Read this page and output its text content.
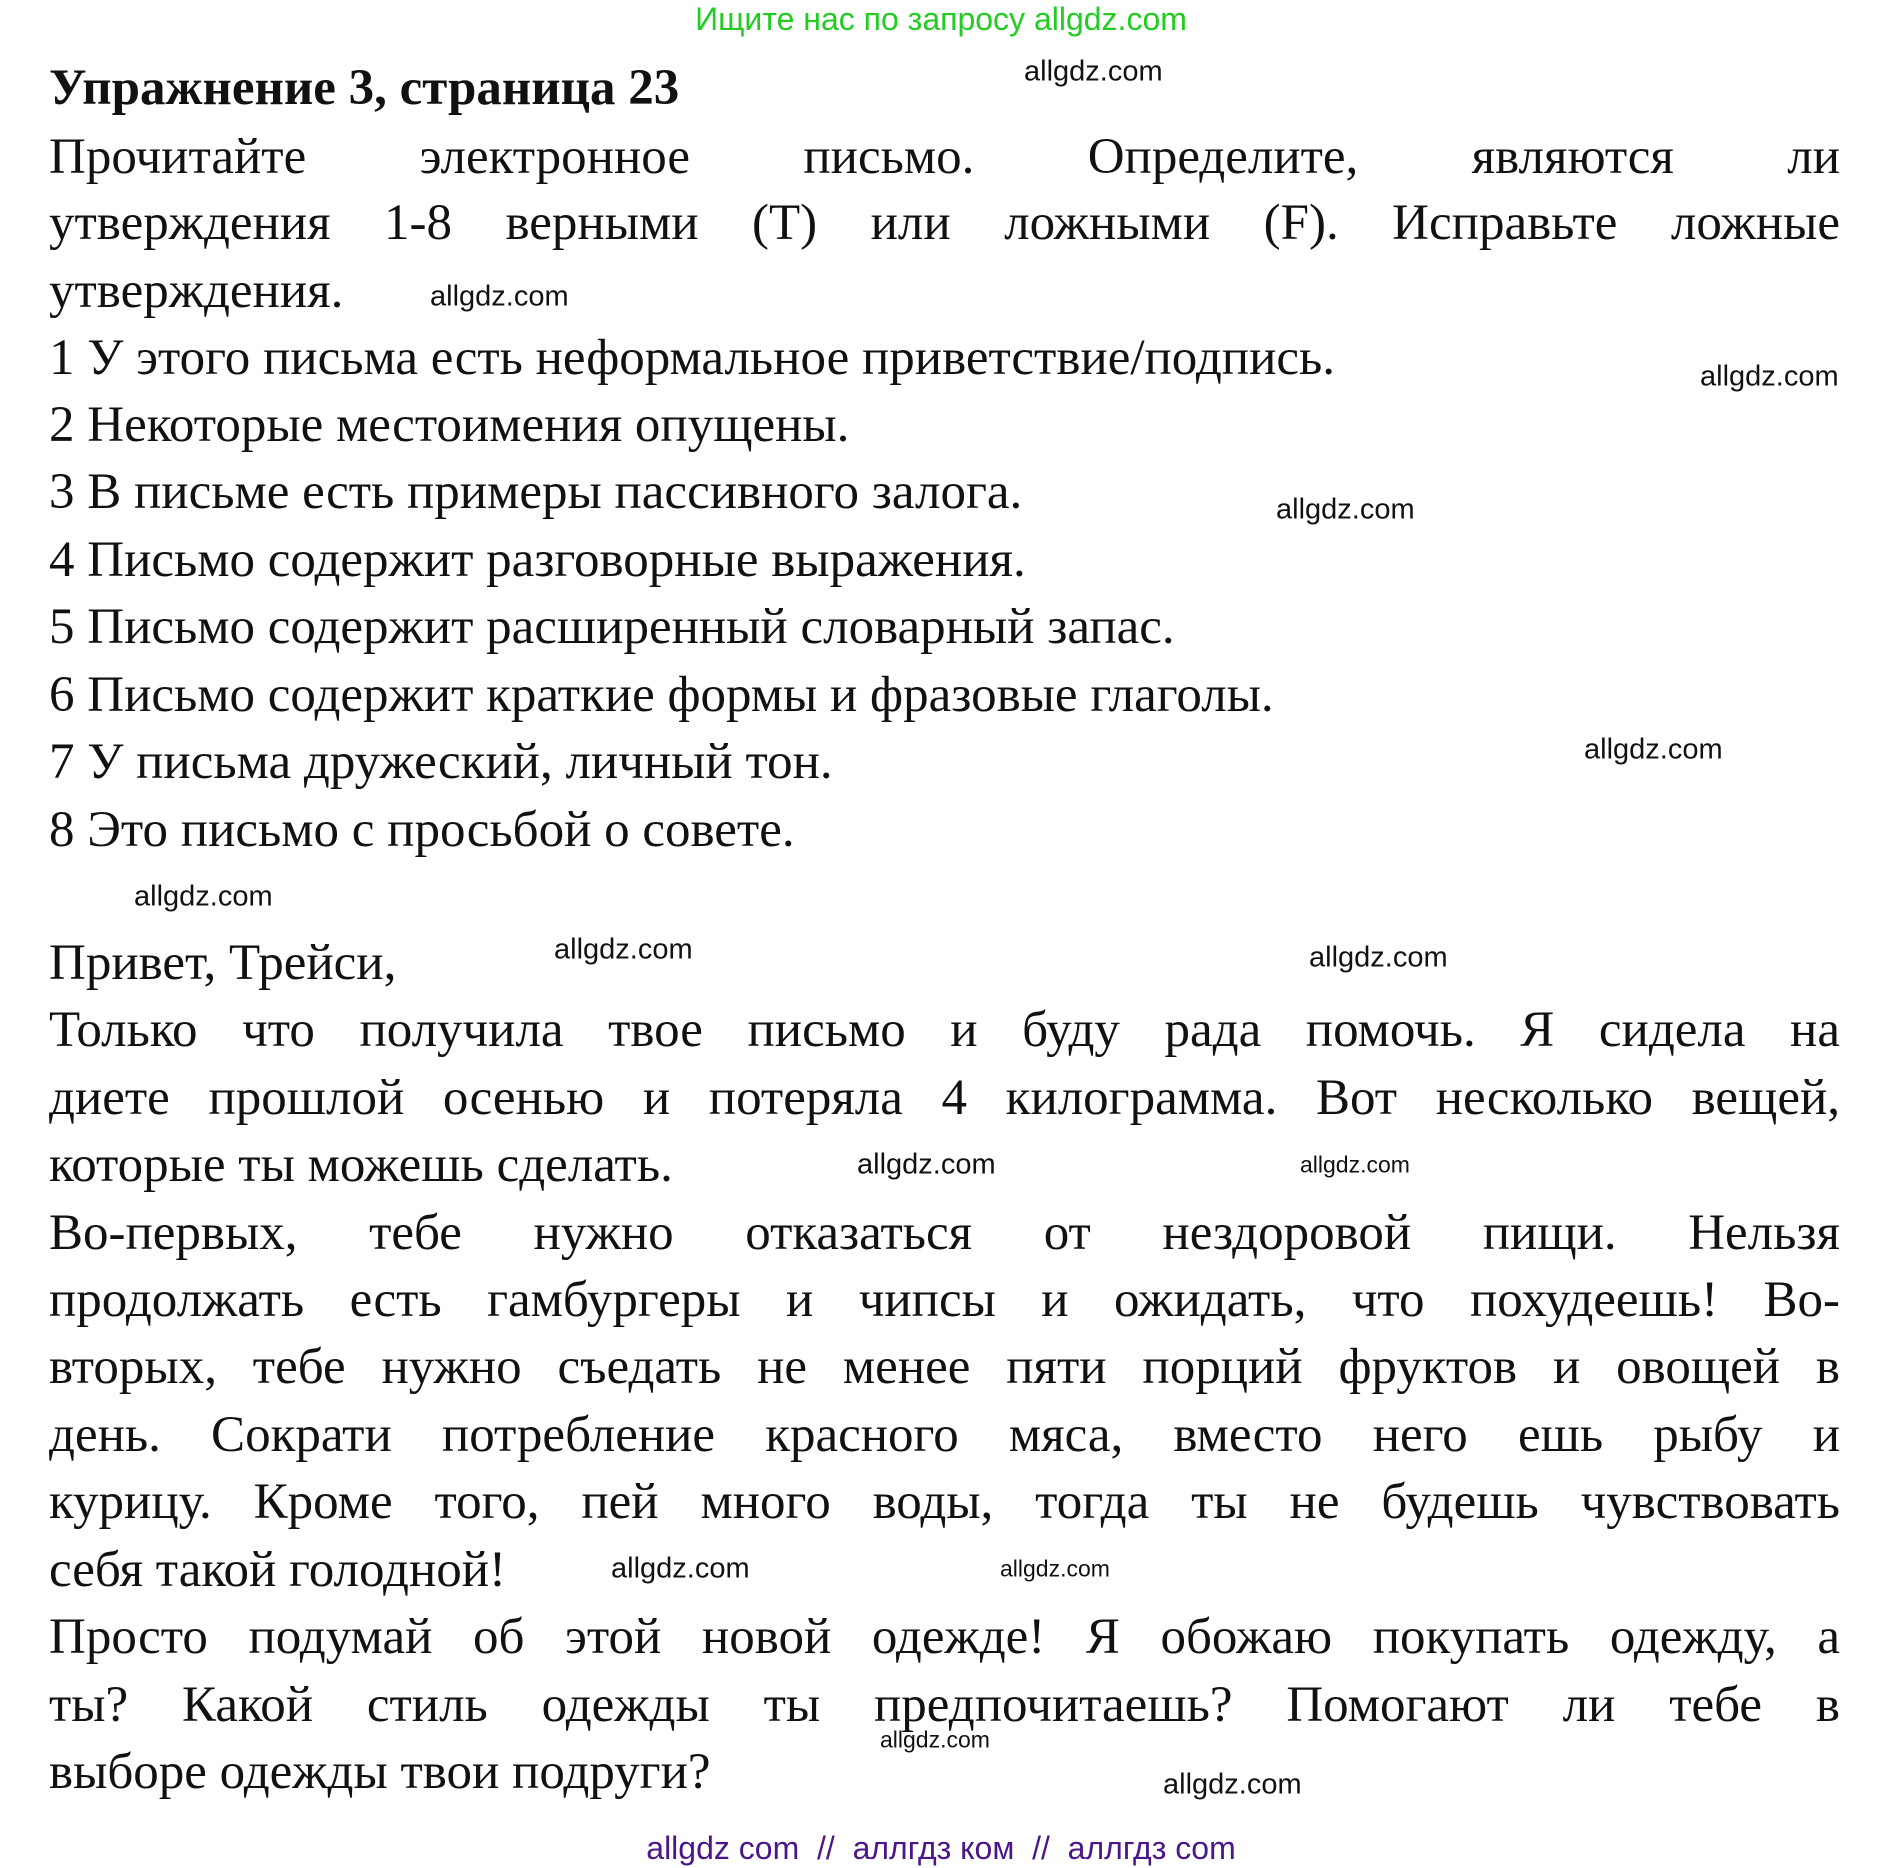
Ищите нас по запросу allgdz.com
Упражнение 3, страница 23
Прочитайте электронное письмо. Определите, являются ли
утверждения 1-8 верными (T) или ложными (F). Исправьте ложные
утверждения.
1 У этого письма есть неформальное приветствие/подпись.
2 Некоторые местоимения опущены.
3 В письме есть примеры пассивного залога.
4 Письмо содержит разговорные выражения.
5 Письмо содержит расширенный словарный запас.
6 Письмо содержит краткие формы и фразовые глаголы.
7 У письма дружеский, личный тон.
8 Это письмо с просьбой о совете.
Привет, Трейси,
Только что получила твое письмо и буду рада помочь. Я сидела на
диете прошлой осенью и потеряла 4 килограмма. Вот несколько вещей,
которые ты можешь сделать.
Во-первых, тебе нужно отказаться от нездоровой пищи. Нельзя
продолжать есть гамбургеры и чипсы и ожидать, что похудеешь! Во-
вторых, тебе нужно съедать не менее пяти порций фруктов и овощей в
день. Сократи потребление красного мяса, вместо него ешь рыбу и
курицу. Кроме того, пей много воды, тогда ты не будешь чувствовать
себя такой голодной!
Просто подумай об этой новой одежде! Я обожаю покупать одежду, а
ты? Какой стиль одежды ты предпочитаешь? Помогают ли тебе в
выборе одежды твои подруги?
allgdz.com
allgdz.com
allgdz.com
allgdz.com
allgdz.com
allgdz.com
allgdz.com	allgdz.com
allgdz.com	allgdz.com
allgdz.com
allgdz.com
allgdz.com
allgdz.com
allgdz com  //  аллгдз ком  //  аллгдз com
